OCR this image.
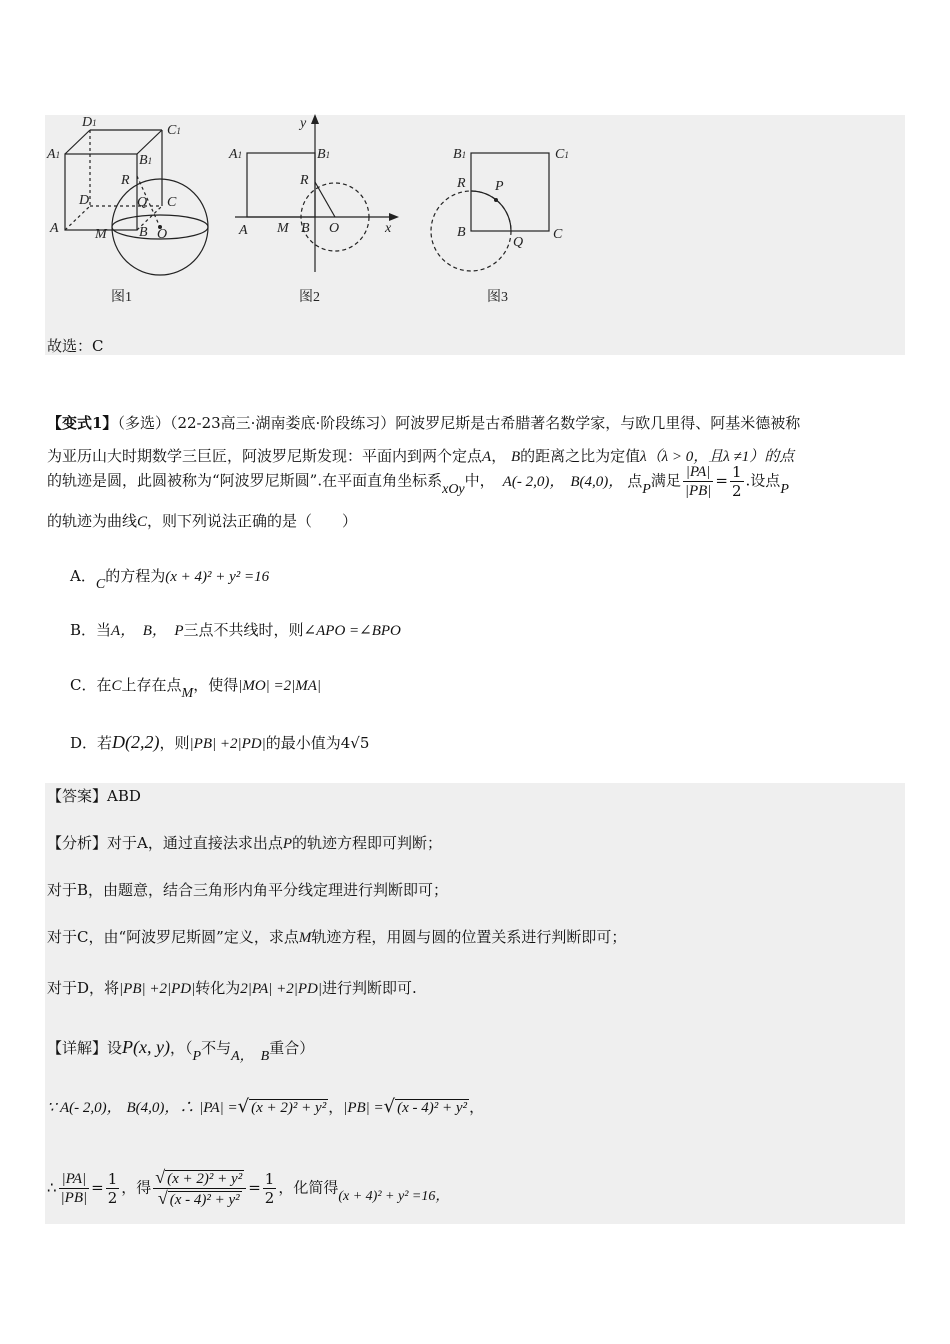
D1	C1
A1	B1
R
Q C
D
A	M B O
图1
y
A1	B1
R
A M B O	x
图2
B1	C1
R P
B
Q
C
图3
故选：C
【变式1】（多选）（22-23高三·湖南娄底·阶段练习）阿波罗尼斯是古希腊著名数学家，与欧几里得、阿基米德被称
为亚历山大时期数学三巨匠，阿波罗尼斯发现：平面内到两个定点A， B的距离之比为定值λ（λ > 0，且λ ≠1）的点
的轨迹是圆，此圆被称为“阿波罗尼斯圆”.在平面直角坐标系xOy中， A(- 2,0)， B(4,0)， 点P满足 $\frac{|PA|}{|PB|} = \frac{1}{2}$ .设点P
的轨迹为曲线C，则下列说法正确的是（　　）
A．C的方程为(x + 4)² + y² =16
B．当A，　B，　P三点不共线时，则∠APO =∠BPO
C．在C上存在点M，使得|MO| =2|MA|
D．若D(2,2)，则|PB| +2|PD|的最小值为4√5
【答案】ABD
【分析】对于A，通过直接法求出点P的轨迹方程即可判断；
对于B，由题意，结合三角形内角平分线定理进行判断即可；
对于C，由“阿波罗尼斯圆”定义，求点M轨迹方程，用圆与圆的位置关系进行判断即可；
对于D，将|PB| +2|PD|转化为2|PA| +2|PD|进行判断即可.
【详解】设P(x, y)，（P不与A，　B重合）
∵ A(- 2,0)， B(4,0)，∴ |PA| =√ (x + 2)² + y² ，|PB| =√ (x - 4)² + y² ，
∴ $\frac{|PA|}{|PB|} = \frac{1}{2}$ ，得 $\frac{\text{√ (x + 2)² + y²}}{\text{√ (x - 4)² + y²}} = \frac{1}{2}$ ，化简得(x + 4)² + y² =16，
